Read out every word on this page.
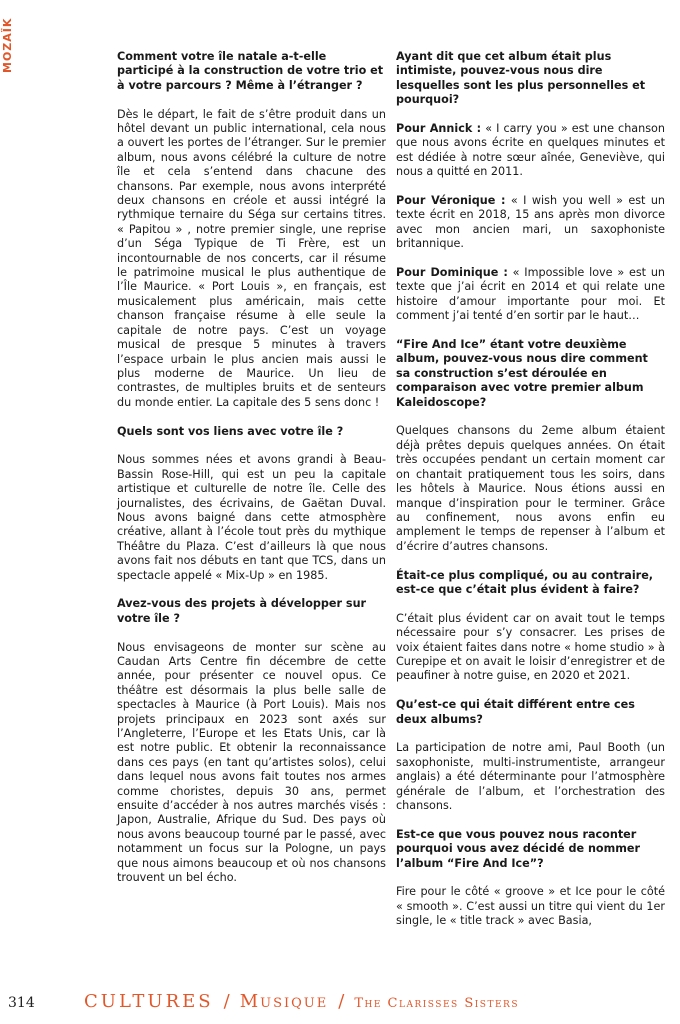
MOZAÏK	Comment votre île natale a-t-elle participé à la construction de votre trio et à votre parcours ? Même à l’étranger ?

Dès le départ, le fait de s’être produit dans un hôtel devant un public international, cela nous a ouvert les portes de l’étranger. Sur le premier album, nous avons célébré la culture de notre île et cela s’entend dans chacune des chansons. Par exemple, nous avons interprété deux chansons en créole et aussi intégré la rythmique ternaire du Séga sur certains titres. « Papitou » , notre premier single, une reprise d’un Séga Typique de Ti Frère, est un incontournable de nos concerts, car il résume le patrimoine musical le plus authentique de l’Île Maurice. « Port Louis », en français, est musicalement plus américain, mais cette chanson française résume à elle seule la capitale de notre pays. C’est un voyage musical de presque 5 minutes à travers l’espace urbain le plus ancien mais aussi le plus moderne de Maurice. Un lieu de contrastes, de multiples bruits et de senteurs du monde entier. La capitale des 5 sens donc !

Quels sont vos liens avec votre île ?

Nous sommes nées et avons grandi à Beau-Bassin Rose-Hill, qui est un peu la capitale artistique et culturelle de notre île. Celle des journalistes, des écrivains, de Gaëtan Duval. Nous avons baigné dans cette atmosphère créative, allant à l’école tout près du mythique Théâtre du Plaza. C’est d’ailleurs là que nous avons fait nos débuts en tant que TCS, dans un spectacle appelé « Mix-Up » en 1985.

Avez-vous des projets à développer sur votre île ?

Nous envisageons de monter sur scène au Caudan Arts Centre fin décembre de cette année, pour présenter ce nouvel opus. Ce théâtre est désormais la plus belle salle de spectacles à Maurice (à Port Louis). Mais nos projets principaux en 2023 sont axés sur l’Angleterre, l’Europe et les Etats Unis, car là est notre public. Et obtenir la reconnaissance dans ces pays (en tant qu’artistes solos), celui dans lequel nous avons fait toutes nos armes comme choristes, depuis 30 ans, permet ensuite d’accéder à nos autres marchés visés : Japon, Australie, Afrique du Sud. Des pays où nous avons beaucoup tourné par le passé, avec notamment un focus sur la Pologne, un pays que nous aimons beaucoup et où nos chansons trouvent un bel écho.

Ayant dit que cet album était plus intimiste, pouvez-vous nous dire lesquelles sont les plus personnelles et pourquoi?

Pour Annick : « I carry you » est une chanson que nous avons écrite en quelques minutes et est dédiée à notre sœur aînée, Geneviève, qui nous a quitté en 2011.

Pour Véronique : « I wish you well » est un texte écrit en 2018, 15 ans après mon divorce avec mon ancien mari, un saxophoniste britannique.

Pour Dominique : « Impossible love » est un texte que j’ai écrit en 2014 et qui relate une histoire d’amour importante pour moi. Et comment j’ai tenté d’en sortir par le haut…

“Fire And Ice” étant votre deuxième album, pouvez-vous nous dire comment sa construction s’est déroulée en comparaison avec votre premier album Kaleidoscope?

Quelques chansons du 2eme album étaient déjà prêtes depuis quelques années. On était très occupées pendant un certain moment car on chantait pratiquement tous les soirs, dans les hôtels à Maurice. Nous étions aussi en manque d’inspiration pour le terminer. Grâce au confinement, nous avons enfin eu amplement le temps de repenser à l’album et d’écrire d’autres chansons.

Était-ce plus compliqué, ou au contraire, est-ce que c’était plus évident à faire?

C’était plus évident car on avait tout le temps nécessaire pour s’y consacrer. Les prises de voix étaient faites dans notre « home studio » à Curepipe et on avait le loisir d’enregistrer et de peaufiner à notre guise, en 2020 et 2021.

Qu’est-ce qui était différent entre ces deux albums?

La participation de notre ami, Paul Booth (un saxophoniste, multi-instrumentiste, arrangeur anglais) a été déterminante pour l’atmosphère générale de l’album, et l’orchestration des chansons.

Est-ce que vous pouvez nous raconter pourquoi vous avez décidé de nommer l’album “Fire And Ice”?

Fire pour le côté « groove » et Ice pour le côté « smooth ». C’est aussi un titre qui vient du 1er single, le « title track » avec Basia,

314	CULTURES / Musique / The Clarisses Sisters
